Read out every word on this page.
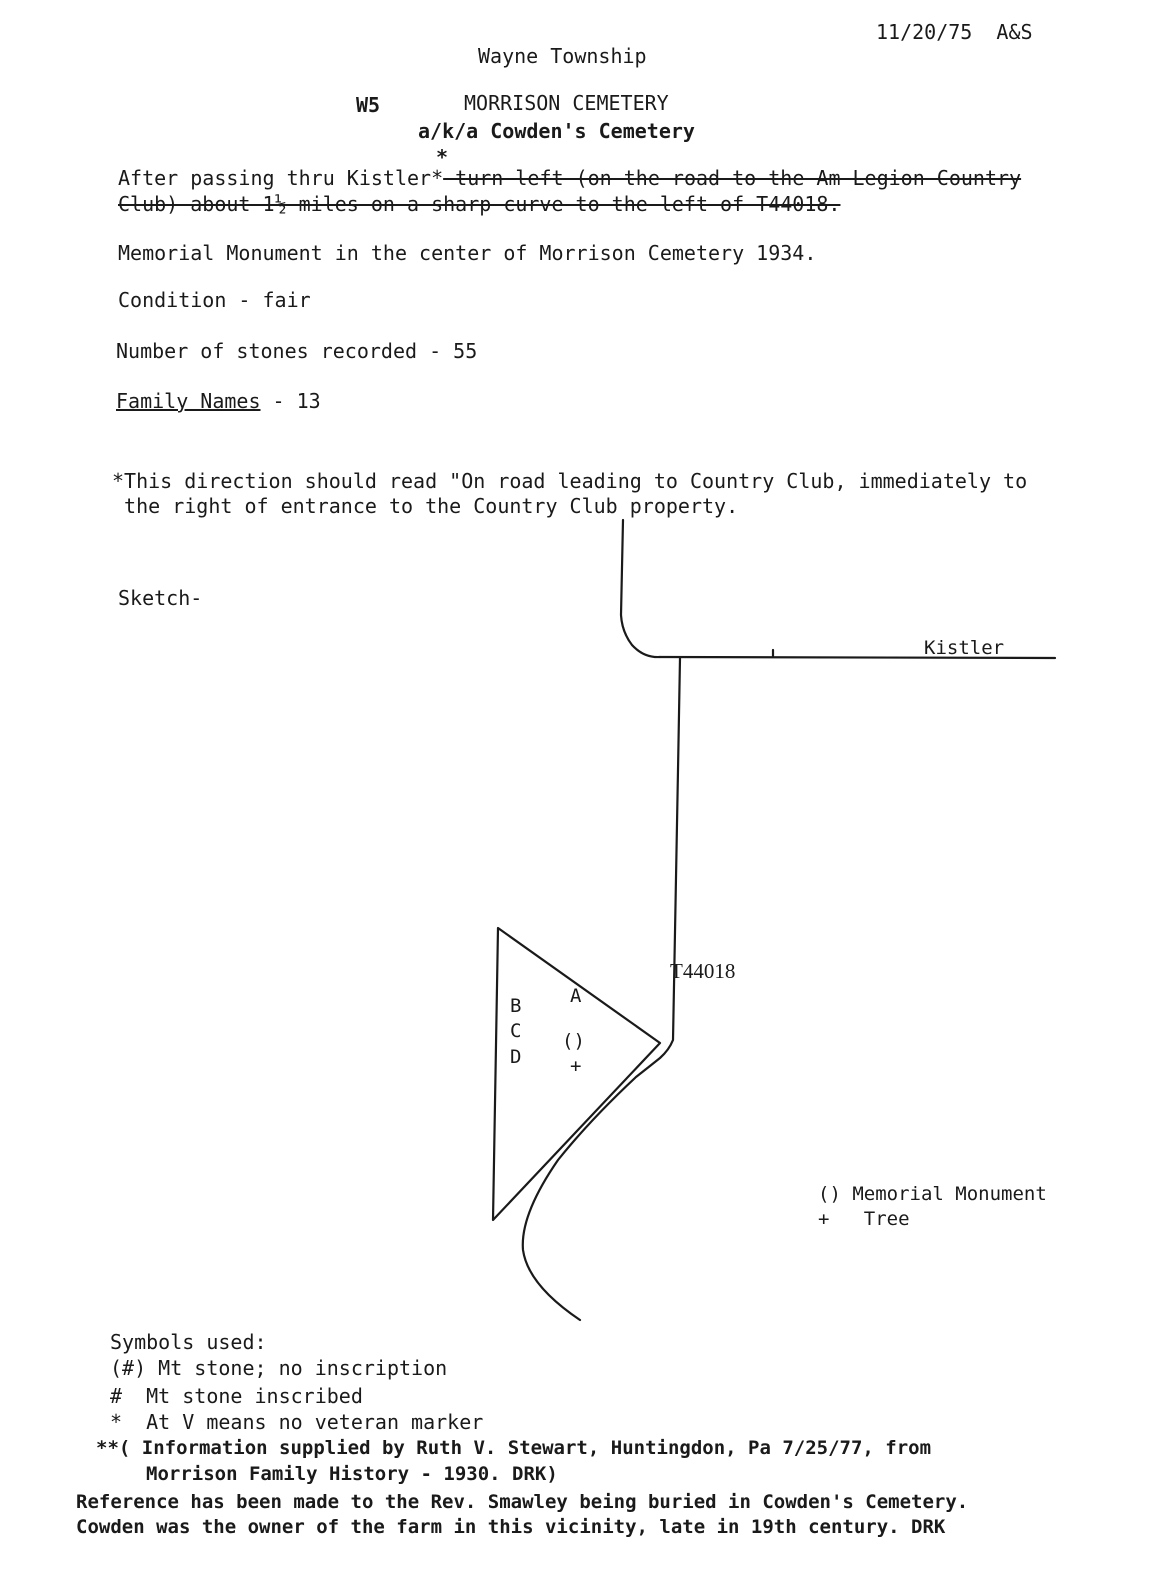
11/20/75  A&S
Wayne Township
W5	MORRISON CEMETERY
a/k/a Cowden's Cemetery
*
After passing thru Kistler* turn left (on the road to the Am Legion Country
Club) about 1½ miles on a sharp curve to the left of T44018.
Memorial Monument in the center of Morrison Cemetery 1934.
Condition - fair
Number of stones recorded - 55
Family Names - 13
*This direction should read "On road leading to Country Club, immediately to
the right of entrance to the Country Club property.
Sketch-
Kistler
T44018
A
B
C
D
()
+
() Memorial Monument
+ Tree
Symbols used:
(#) Mt stone; no inscription
#  Mt stone inscribed
*  At V means no veteran marker
**( Information supplied by Ruth V. Stewart, Huntingdon, Pa 7/25/77, from
Morrison Family History - 1930. DRK)
Reference has been made to the Rev. Smawley being buried in Cowden's Cemetery.
Cowden was the owner of the farm in this vicinity, late in 19th century. DRK
